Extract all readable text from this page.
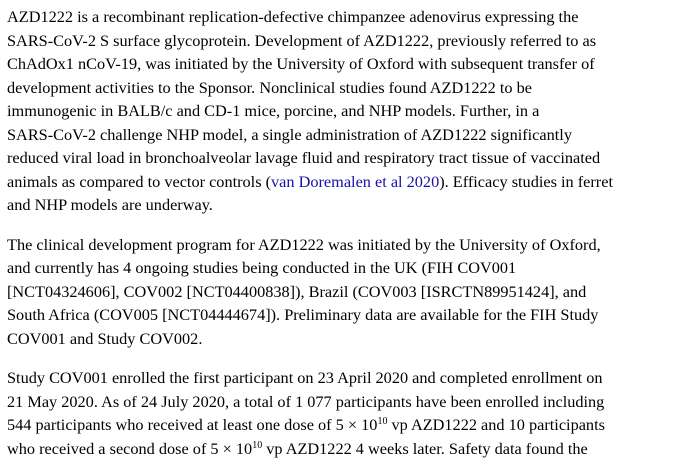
AZD1222 is a recombinant replication-defective chimpanzee adenovirus expressing the
SARS-CoV-2 S surface glycoprotein. Development of AZD1222, previously referred to as
ChAdOx1 nCoV-19, was initiated by the University of Oxford with subsequent transfer of
development activities to the Sponsor. Nonclinical studies found AZD1222 to be
immunogenic in BALB/c and CD-1 mice, porcine, and NHP models. Further, in a
SARS-CoV-2 challenge NHP model, a single administration of AZD1222 significantly
reduced viral load in bronchoalveolar lavage fluid and respiratory tract tissue of vaccinated
animals as compared to vector controls (van Doremalen et al 2020). Efficacy studies in ferret
and NHP models are underway.

The clinical development program for AZD1222 was initiated by the University of Oxford,
and currently has 4 ongoing studies being conducted in the UK (FIH COV001
[NCT04324606], COV002 [NCT04400838]), Brazil (COV003 [ISRCTN89951424], and
South Africa (COV005 [NCT04444674]). Preliminary data are available for the FIH Study
COV001 and Study COV002.

Study COV001 enrolled the first participant on 23 April 2020 and completed enrollment on
21 May 2020. As of 24 July 2020, a total of 1 077 participants have been enrolled including
544 participants who received at least one dose of $5 \times 10^{10}$ vp AZD1222 and 10 participants
who received a second dose of $5 \times 10^{10}$ vp AZD1222 4 weeks later. Safety data found the
